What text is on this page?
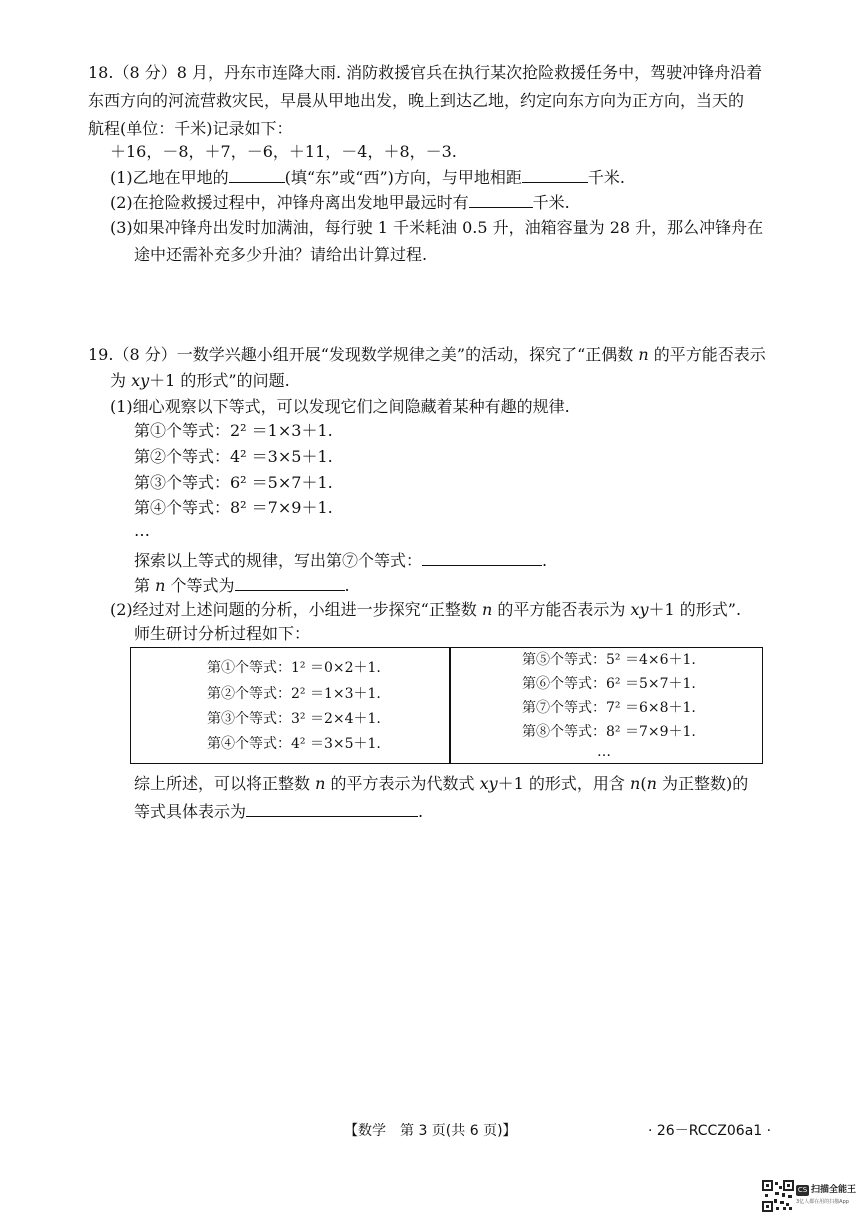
18.（8 分）8 月，丹东市连降大雨. 消防救援官兵在执行某次抢险救援任务中，驾驶冲锋舟沿着
东西方向的河流营救灾民，早晨从甲地出发，晚上到达乙地，约定向东方向为正方向，当天的
航程(单位：千米)记录如下：
＋16，－8，＋7，－6，＋11，－4，＋8，－3.
(1)乙地在甲地的	(填“东”或“西”)方向，与甲地相距	千米.
(2)在抢险救援过程中，冲锋舟离出发地甲最远时有	千米.
(3)如果冲锋舟出发时加满油，每行驶 1 千米耗油 0.5 升，油箱容量为 28 升，那么冲锋舟在
途中还需补充多少升油？请给出计算过程.
19.（8 分）一数学兴趣小组开展“发现数学规律之美”的活动，探究了“正偶数 n 的平方能否表示
为 xy＋1 的形式”的问题.
(1)细心观察以下等式，可以发现它们之间隐藏着某种有趣的规律.
第①个等式：2² ＝1×3＋1.
第②个等式：4² ＝3×5＋1.
第③个等式：6² ＝5×7＋1.
第④个等式：8² ＝7×9＋1.
…
探索以上等式的规律，写出第⑦个等式：	.
第 n 个等式为	.
(2)经过对上述问题的分析，小组进一步探究“正整数 n 的平方能否表示为 xy＋1 的形式”.
师生研讨分析过程如下：
第①个等式：1² ＝0×2＋1.
第②个等式：2² ＝1×3＋1.
第③个等式：3² ＝2×4＋1.
第④个等式：4² ＝3×5＋1.
第⑤个等式：5² ＝4×6＋1.
第⑥个等式：6² ＝5×7＋1.
第⑦个等式：7² ＝6×8＋1.
第⑧个等式：8² ＝7×9＋1.
…
综上所述，可以将正整数 n 的平方表示为代数式 xy＋1 的形式，用含 n(n 为正整数)的
等式具体表示为	.
【数学　第 3 页(共 6 页)】	· 26－RCCZ06a1 ·
CS 扫描全能王
3亿人都在用的扫描App
